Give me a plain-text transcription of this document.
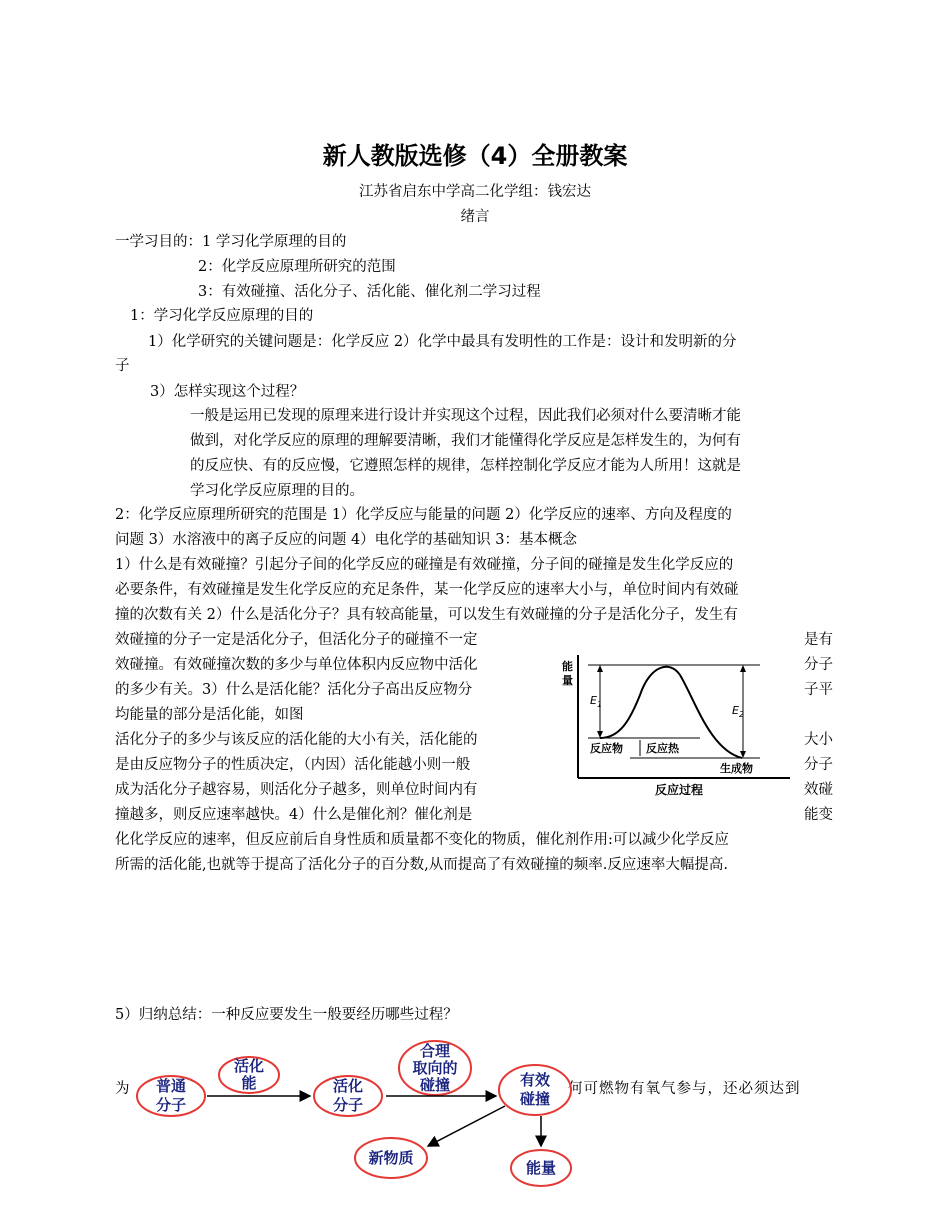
新人教版选修（4）全册教案
江苏省启东中学高二化学组：钱宏达
绪言
一学习目的：1 学习化学原理的目的
2：化学反应原理所研究的范围
3：有效碰撞、活化分子、活化能、催化剂二学习过程
1：学习化学反应原理的目的
1）化学研究的关键问题是：化学反应 2）化学中最具有发明性的工作是：设计和发明新的分
子
3）怎样实现这个过程？
一般是运用已发现的原理来进行设计并实现这个过程，因此我们必须对什么要清晰才能
做到，对化学反应的原理的理解要清晰，我们才能懂得化学反应是怎样发生的，为何有
的反应快、有的反应慢，它遵照怎样的规律，怎样控制化学反应才能为人所用！这就是
学习化学反应原理的目的。
2：化学反应原理所研究的范围是 1）化学反应与能量的问题 2）化学反应的速率、方向及程度的
问题 3）水溶液中的离子反应的问题 4）电化学的基础知识 3：基本概念
1）什么是有效碰撞？引起分子间的化学反应的碰撞是有效碰撞，分子间的碰撞是发生化学反应的
必要条件，有效碰撞是发生化学反应的充足条件，某一化学反应的速率大小与，单位时间内有效碰
撞的次数有关 2）什么是活化分子？具有较高能量，可以发生有效碰撞的分子是活化分子，发生有
效碰撞的分子一定是活化分子，但活化分子的碰撞不一定	是有
效碰撞。有效碰撞次数的多少与单位体积内反应物中活化	分子
的多少有关。3）什么是活化能？活化分子高出反应物分	子平
均能量的部分是活化能，如图
活化分子的多少与该反应的活化能的大小有关，活化能的	大小
是由反应物分子的性质决定，（内因）活化能越小则一般	分子
成为活化分子越容易，则活化分子越多，则单位时间内有	效碰
撞越多，则反应速率越快。4）什么是催化剂？催化剂是	能变
化化学反应的速率，但反应前后自身性质和质量都不变化的物质，催化剂作用:可以减少化学反应
所需的活化能,也就等于提高了活化分子的百分数,从而提高了有效碰撞的频率.反应速率大幅提高.
能
量
$E_1$	$E_2$
反应物 反应热
生成物
反应过程
5）归纳总结：一种反应要发生一般要经历哪些过程？
为	何可燃物有氧气参与，还必须达到
普通
分子
活化
能	活化
分子
合理
取向的
碰撞	有效
碰撞
新物质
能量
